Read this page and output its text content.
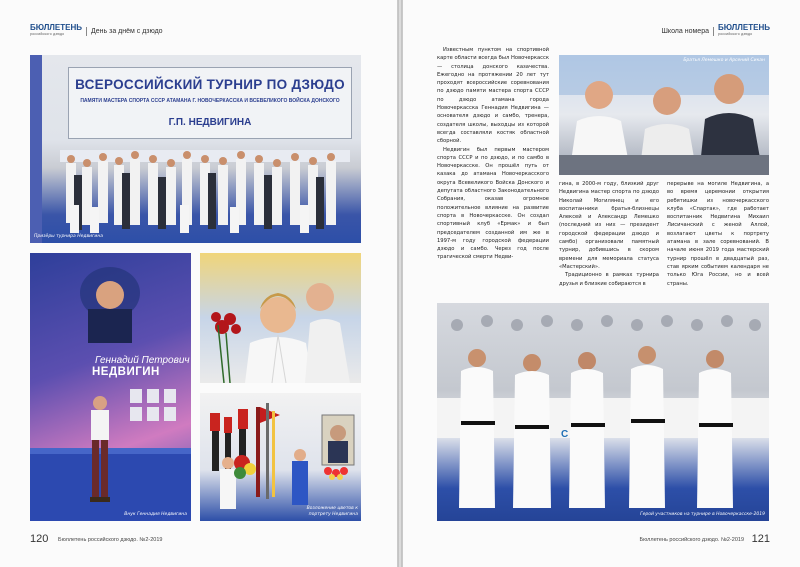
БЮЛЛЕТЕНЬ
российского дзюдо	День за днём с дзюдо
ВСЕРОССИЙСКИЙ ТУРНИР ПО ДЗЮДО
ПАМЯТИ МАСТЕРА СПОРТА СССР АТАМАНА Г. НОВОЧЕРКАССКА И ВСЕВЕЛИКОГО ВОЙСКА ДОНСКОГО
Г.П. НЕДВИГИНА
Призёры турнира Недвигина
Геннадий Петрович
НЕДВИГИН
Внук Геннадия Недвигина
Возложение цветов к портрету Недвигина
120 Бюллетень российского дзюдо. №2-2019
Школа номера БЮЛЛЕТЕНЬ
российского дзюдо

Известным пунктом на спортивной карте области всегда был Новочеркасск — столица донского казачества. Ежегодно на протяжении 20 лет тут проходят всероссийские соревнования по дзюдо памяти мастера спорта СССР по дзюдо атамана города Новочеркасска Геннадия Недвигина — основателя дзюдо и самбо, тренера, создателя школы, выходцы из которой всегда составляли костяк областной сборной.

Недвигин был первым мастером спорта СССР и по дзюдо, и по самбо в Новочеркасске. Он прошёл путь от казака до атамана Новочеркасского округа Всевеликого Войска Донского и депутата областного Законодательного Собрания, оказав огромное положительное влияние на развитие спорта в Новочеркасске. Он создал спортивный клуб «Ермак» и был председателем созданной им же в 1997-м году городской федерации дзюдо и самбо. Через год после трагической смерти Недви-

Братья Лемешко и Арсений Сикан

гина, в 2000-м году, близкий друг Недвигина мастер спорта по дзюдо Николай Могилянец и его воспитанники братья-близнецы Алексей и Александр Лемешко (последний из них — президент городской федерации дзюдо и самбо) организовали памятный турнир, добившись в скором времени для мемориала статуса «Мастерский».

Традиционно в рамках турнира друзья и близкие собираются в

перерыве на могиле Недвигина, а во время церемонии открытия ребятишки из новочеркасского клуба «Спартак», где работает воспитанник Недвигина Михаил Лисичанский с женой Аллой, возлагают цветы к портрету атамана в зале соревнований. В начале июня 2019 года мастерский турнир прошёл в двадцатый раз, став ярким событием календаря не только Юга России, но и всей страны.

С
Герой участников на турнире в Новочеркасске-2019
Бюллетень российского дзюдо. №2-2019 121
